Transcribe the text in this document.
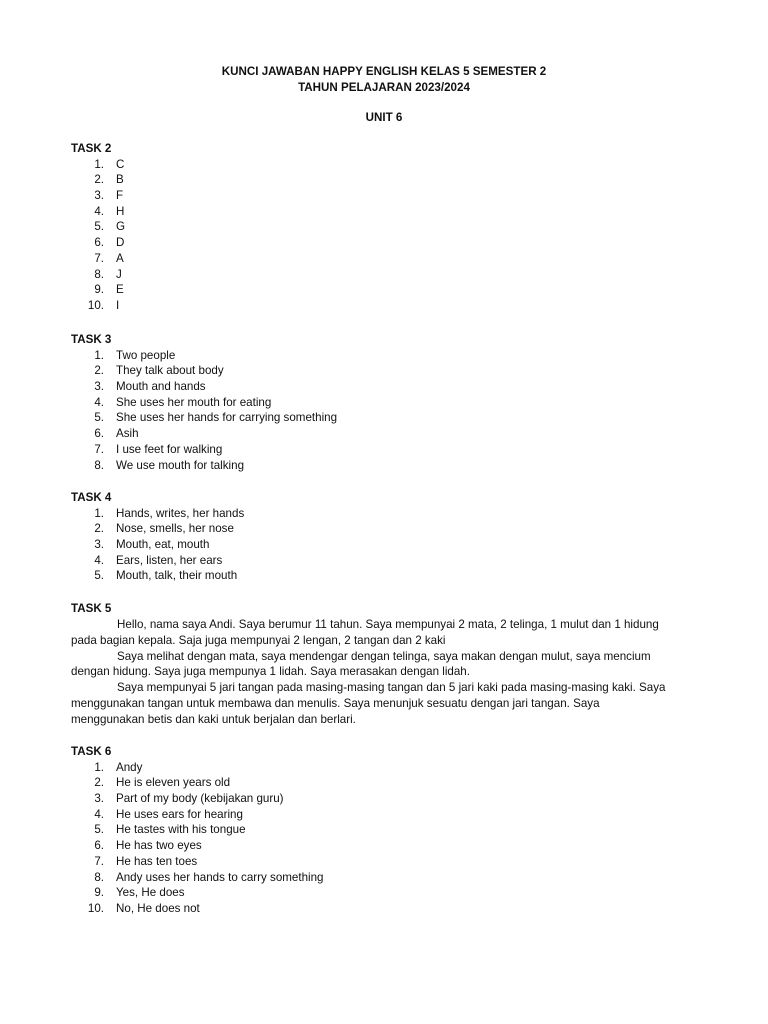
KUNCI JAWABAN HAPPY ENGLISH KELAS 5 SEMESTER 2
TAHUN PELAJARAN 2023/2024
UNIT 6
TASK 2
1. C
2. B
3. F
4. H
5. G
6. D
7. A
8. J
9. E
10. I
TASK 3
1. Two people
2. They talk about body
3. Mouth and hands
4. She uses her mouth for eating
5. She uses her hands for carrying something
6. Asih
7. I use feet for walking
8. We use mouth for talking
TASK 4
1. Hands, writes, her hands
2. Nose, smells, her nose
3. Mouth, eat, mouth
4. Ears, listen, her ears
5. Mouth, talk, their mouth
TASK 5

Hello, nama saya Andi. Saya berumur 11 tahun. Saya mempunyai 2 mata, 2 telinga, 1 mulut dan 1 hidung pada bagian kepala. Saja juga mempunyai 2 lengan, 2 tangan dan 2 kaki

Saya melihat dengan mata, saya mendengar dengan telinga, saya makan dengan mulut, saya mencium dengan hidung. Saya juga mempunya 1 lidah. Saya merasakan dengan lidah.

Saya mempunyai 5 jari tangan pada masing-masing tangan dan 5 jari kaki pada masing-masing kaki. Saya menggunakan tangan untuk membawa dan menulis. Saya menunjuk sesuatu dengan jari tangan. Saya menggunakan betis dan kaki untuk berjalan dan berlari.

TASK 6
1. Andy
2. He is eleven years old
3. Part of my body (kebijakan guru)
4. He uses ears for hearing
5. He tastes with his tongue
6. He has two eyes
7. He has ten toes
8. Andy uses her hands to carry something
9. Yes, He does
10. No, He does not
